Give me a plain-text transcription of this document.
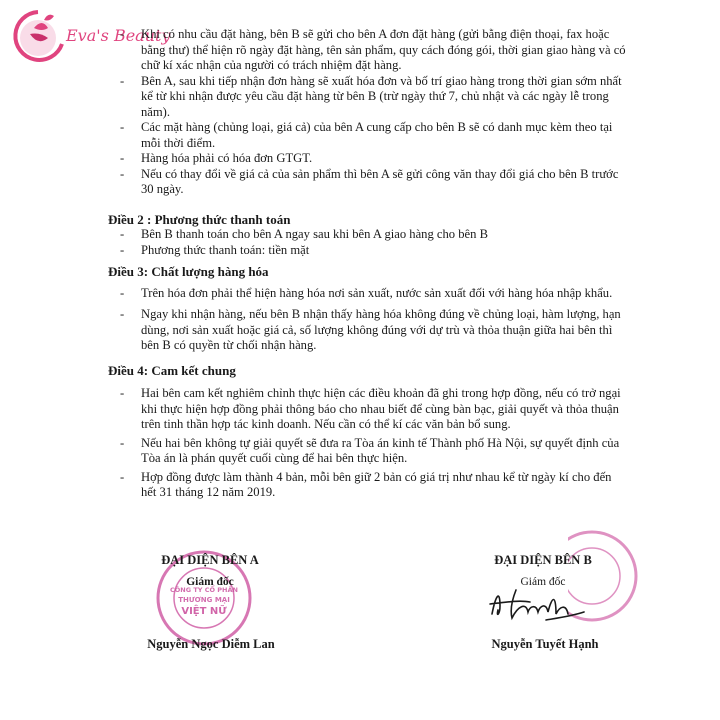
Eva's Beauty
- Khi có nhu cầu đặt hàng, bên B sẽ gửi cho bên A đơn đặt hàng (gửi bằng điện thoại, fax hoặc bằng thư) thể hiện rõ ngày đặt hàng, tên sản phẩm, quy cách đóng gói, thời gian giao hàng và có chữ kí xác nhận của người có trách nhiệm đặt hàng.
- Bên A, sau khi tiếp nhận đơn hàng sẽ xuất hóa đơn và bố trí giao hàng trong thời gian sớm nhất kể từ khi nhận được yêu cầu đặt hàng từ bên B (trừ ngày thứ 7, chủ nhật và các ngày lễ trong năm).
- Các mặt hàng (chủng loại, giá cả) của bên A cung cấp cho bên B sẽ có danh mục kèm theo tại mỗi thời điểm.
- Hàng hóa phải có hóa đơn GTGT.
- Nếu có thay đổi về giá cả của sản phẩm thì bên A sẽ gửi công văn thay đổi giá cho bên B trước 30 ngày.
Điều 2 : Phương thức thanh toán
- Bên B thanh toán cho bên A ngay sau khi bên A giao hàng cho bên B
- Phương thức thanh toán: tiền mặt
Điều 3: Chất lượng hàng hóa
- Trên hóa đơn phải thể hiện hàng hóa nơi sản xuất, nước sản xuất đối với hàng hóa nhập khẩu.
- Ngay khi nhận hàng, nếu bên B nhận thấy hàng hóa không đúng về chủng loại, hàm lượng, hạn dùng, nơi sản xuất hoặc giá cả, số lượng không đúng với dự trù và thỏa thuận giữa hai bên thì bên B có quyền từ chối nhận hàng.
Điều 4: Cam kết chung
- Hai bên cam kết nghiêm chỉnh thực hiện các điều khoản đã ghi trong hợp đồng, nếu có trở ngại khi thực hiện hợp đồng phải thông báo cho nhau biết để cùng bàn bạc, giải quyết và thỏa thuận trên tinh thần hợp tác kinh doanh. Nếu cần có thể kí các văn bản bổ sung.
- Nếu hai bên không tự giải quyết sẽ đưa ra Tòa án kinh tế Thành phố Hà Nội, sự quyết định của Tòa án là phán quyết cuối cùng để hai bên thực hiện.
- Hợp đồng được làm thành 4 bản, mỗi bên giữ 2 bản có giá trị như nhau kể từ ngày kí cho đến hết 31 tháng 12 năm 2019.
CÔNG TY CỔ PHẦN
THƯƠNG MẠI
VIỆT NỮ
ĐẠI DIỆN BÊN A
Giám đốc
Nguyễn Ngọc Diễm Lan
ĐẠI DIỆN BÊN B
Giám đốc
Nguyễn Tuyết Hạnh
